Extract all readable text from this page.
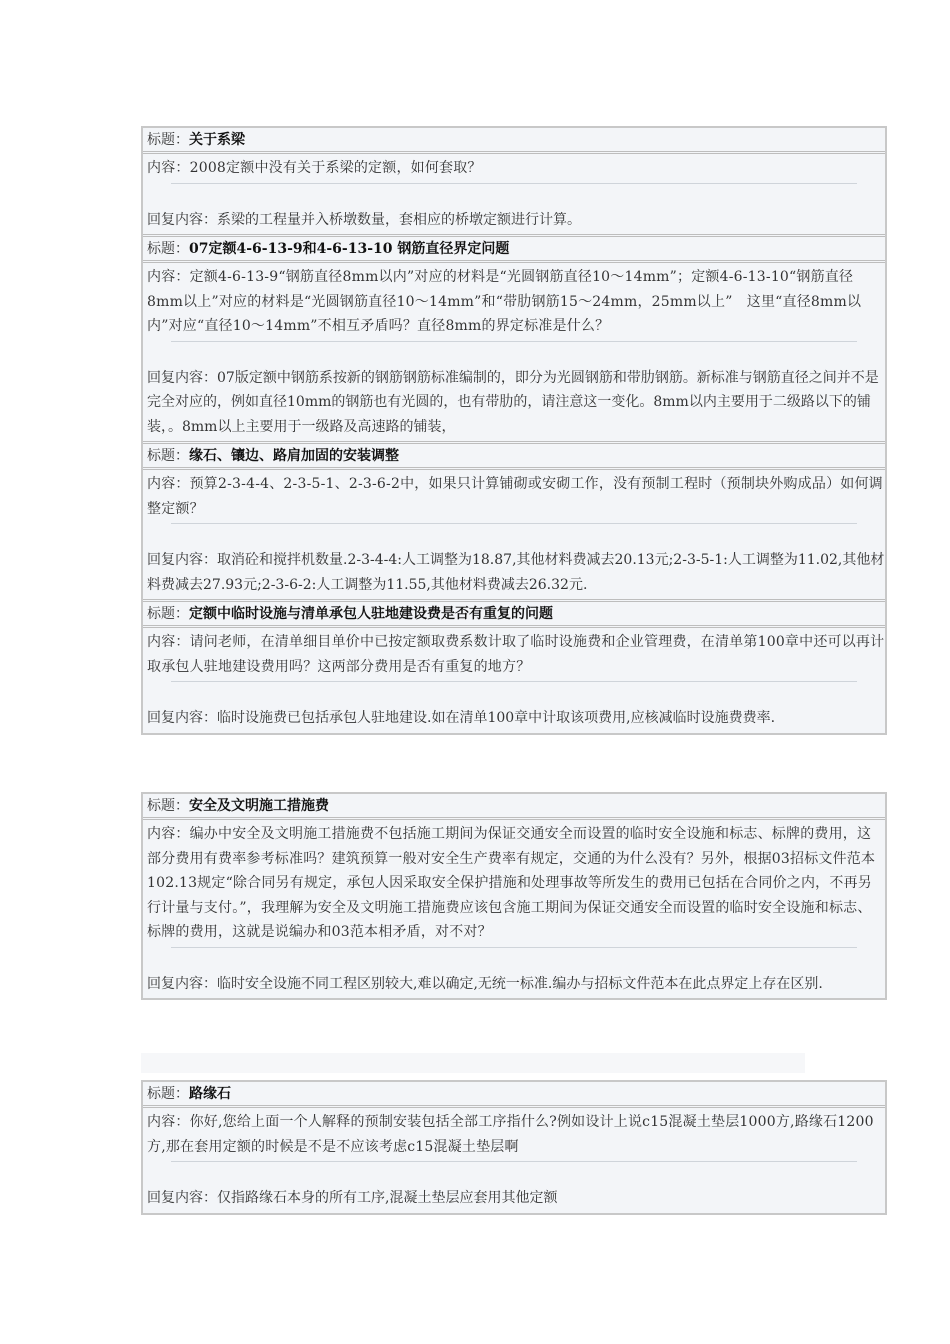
标题：关于系梁
内容：2008定额中没有关于系梁的定额，如何套取？
回复内容：系梁的工程量并入桥墩数量，套相应的桥墩定额进行计算。
标题：07定额4-6-13-9和4-6-13-10 钢筋直径界定问题
内容：定额4-6-13-9“钢筋直径8mm以内”对应的材料是“光圆钢筋直径10～14mm”；定额4-6-13-10“钢筋直径8mm以上”对应的材料是“光圆钢筋直径10～14mm”和“带肋钢筋15～24mm，25mm以上”　这里“直径8mm以内”对应“直径10～14mm”不相互矛盾吗？直径8mm的界定标准是什么？
回复内容：07版定额中钢筋系按新的钢筋钢筋标准编制的，即分为光圆钢筋和带肋钢筋。新标准与钢筋直径之间并不是完全对应的，例如直径10mm的钢筋也有光圆的，也有带肋的，请注意这一变化。8mm以内主要用于二级路以下的铺装，。8mm以上主要用于一级路及高速路的铺装，
标题：缘石、镶边、路肩加固的安装调整
内容：预算2-3-4-4、2-3-5-1、2-3-6-2中，如果只计算铺砌或安砌工作，没有预制工程时（预制块外购成品）如何调整定额？
回复内容：取消砼和搅拌机数量.2-3-4-4:人工调整为18.87,其他材料费减去20.13元;2-3-5-1:人工调整为11.02,其他材料费减去27.93元;2-3-6-2:人工调整为11.55,其他材料费减去26.32元.
标题：定额中临时设施与清单承包人驻地建设费是否有重复的问题
内容：请问老师，在清单细目单价中已按定额取费系数计取了临时设施费和企业管理费，在清单第100章中还可以再计取承包人驻地建设费用吗？这两部分费用是否有重复的地方？
回复内容：临时设施费已包括承包人驻地建设.如在清单100章中计取该项费用,应核减临时设施费费率.
标题：安全及文明施工措施费
内容：编办中安全及文明施工措施费不包括施工期间为保证交通安全而设置的临时安全设施和标志、标牌的费用，这部分费用有费率参考标准吗？建筑预算一般对安全生产费率有规定，交通的为什么没有？另外，根据03招标文件范本102.13规定“除合同另有规定，承包人因采取安全保护措施和处理事故等所发生的费用已包括在合同价之内，不再另行计量与支付。”，我理解为安全及文明施工措施费应该包含施工期间为保证交通安全而设置的临时安全设施和标志、标牌的费用，这就是说编办和03范本相矛盾，对不对？
回复内容：临时安全设施不同工程区别较大,难以确定,无统一标准.编办与招标文件范本在此点界定上存在区别.
标题：路缘石
内容：你好,您给上面一个人解释的预制安装包括全部工序指什么?例如设计上说c15混凝土垫层1000方,路缘石1200方,那在套用定额的时候是不是不应该考虑c15混凝土垫层啊
回复内容：仅指路缘石本身的所有工序,混凝土垫层应套用其他定额
